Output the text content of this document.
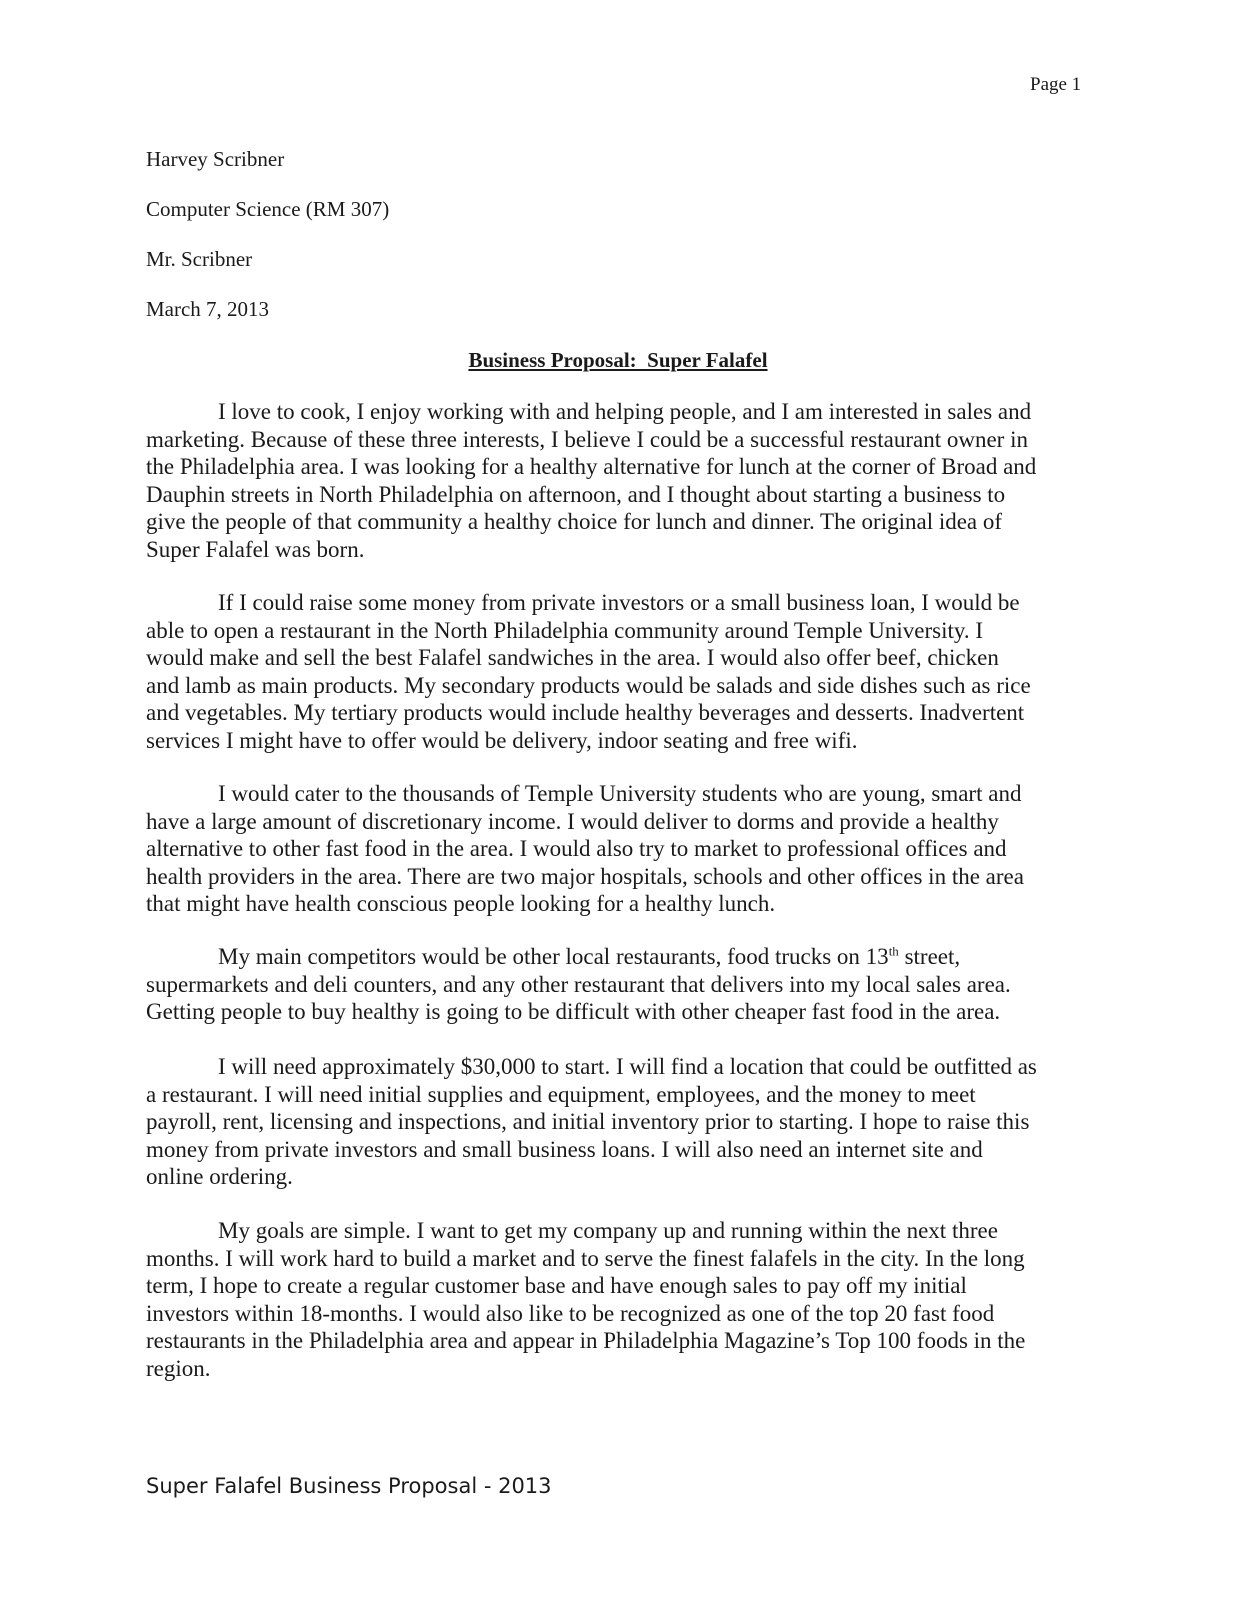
Page 1
Harvey Scribner
Computer Science (RM 307)
Mr. Scribner
March 7, 2013
Business Proposal:  Super Falafel
I love to cook, I enjoy working with and helping people, and I am interested in sales and
marketing. Because of these three interests, I believe I could be a successful restaurant owner in
the Philadelphia area. I was looking for a healthy alternative for lunch at the corner of Broad and
Dauphin streets in North Philadelphia on afternoon, and I thought about starting a business to
give the people of that community a healthy choice for lunch and dinner. The original idea of
Super Falafel was born.
If I could raise some money from private investors or a small business loan, I would be
able to open a restaurant in the North Philadelphia community around Temple University. I
would make and sell the best Falafel sandwiches in the area. I would also offer beef, chicken
and lamb as main products. My secondary products would be salads and side dishes such as rice
and vegetables. My tertiary products would include healthy beverages and desserts. Inadvertent
services I might have to offer would be delivery, indoor seating and free wifi.
I would cater to the thousands of Temple University students who are young, smart and
have a large amount of discretionary income. I would deliver to dorms and provide a healthy
alternative to other fast food in the area. I would also try to market to professional offices and
health providers in the area. There are two major hospitals, schools and other offices in the area
that might have health conscious people looking for a healthy lunch.
My main competitors would be other local restaurants, food trucks on 13th street,
supermarkets and deli counters, and any other restaurant that delivers into my local sales area.
Getting people to buy healthy is going to be difficult with other cheaper fast food in the area.
I will need approximately $30,000 to start. I will find a location that could be outfitted as
a restaurant. I will need initial supplies and equipment, employees, and the money to meet
payroll, rent, licensing and inspections, and initial inventory prior to starting. I hope to raise this
money from private investors and small business loans. I will also need an internet site and
online ordering.
My goals are simple. I want to get my company up and running within the next three
months. I will work hard to build a market and to serve the finest falafels in the city. In the long
term, I hope to create a regular customer base and have enough sales to pay off my initial
investors within 18-months. I would also like to be recognized as one of the top 20 fast food
restaurants in the Philadelphia area and appear in Philadelphia Magazine’s Top 100 foods in the
region.
Super Falafel Business Proposal - 2013
